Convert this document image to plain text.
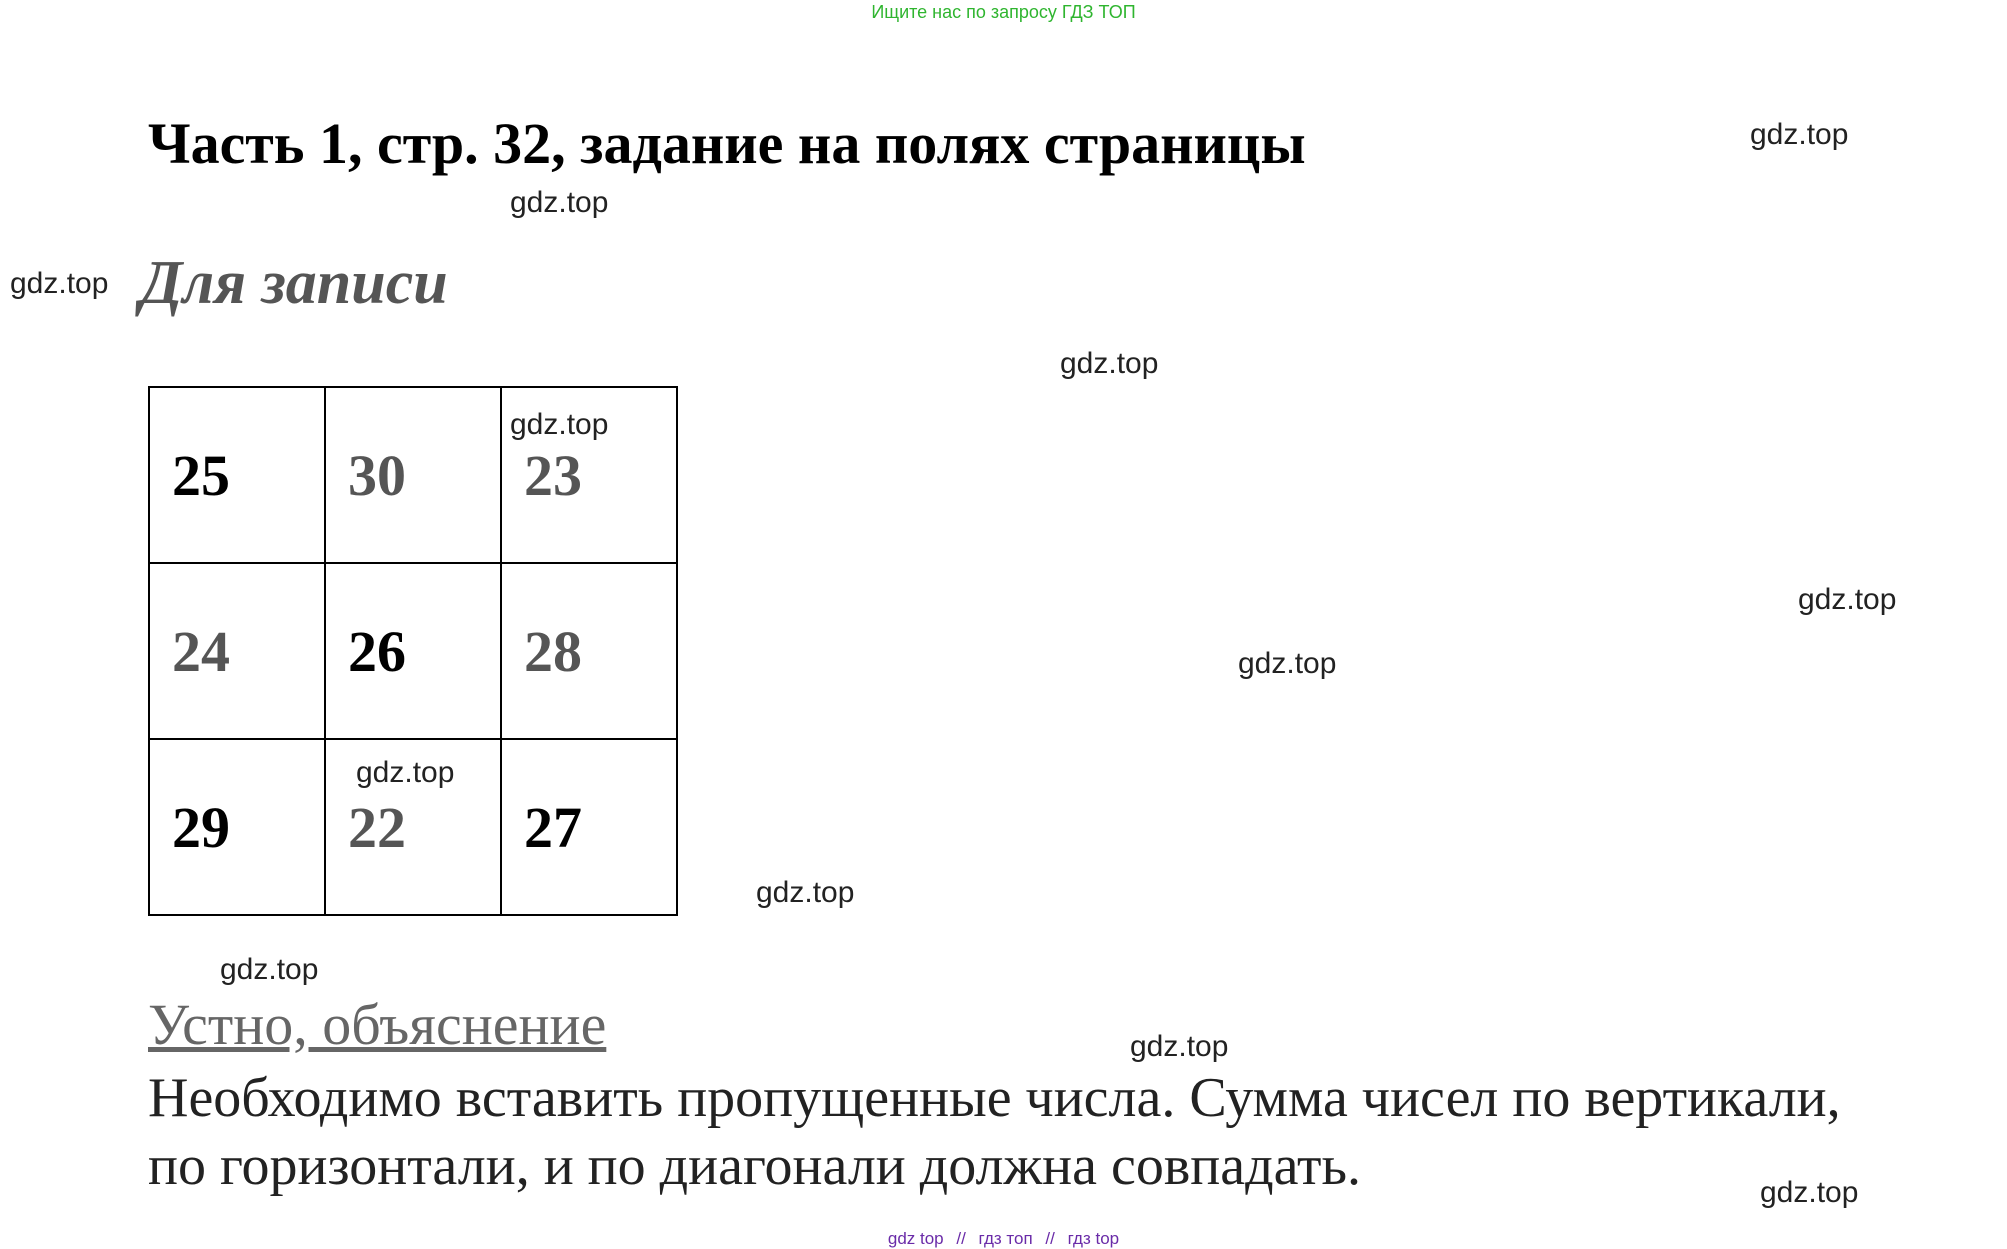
Ищите нас по запросу ГДЗ ТОП
Часть 1, стр. 32, задание на полях страницы
Для записи
25	30	23
24	26	28
29	22	27
Устно, объяснение
Необходимо вставить пропущенные числа. Сумма чисел по вертикали,
по горизонтали, и по диагонали должна совпадать.
gdz.top
gdz.top
gdz.top
gdz.top
gdz.top
gdz.top
gdz.top
gdz.top
gdz.top
gdz.top
gdz.top
gdz.top
gdz top // гдз топ // гдз top
